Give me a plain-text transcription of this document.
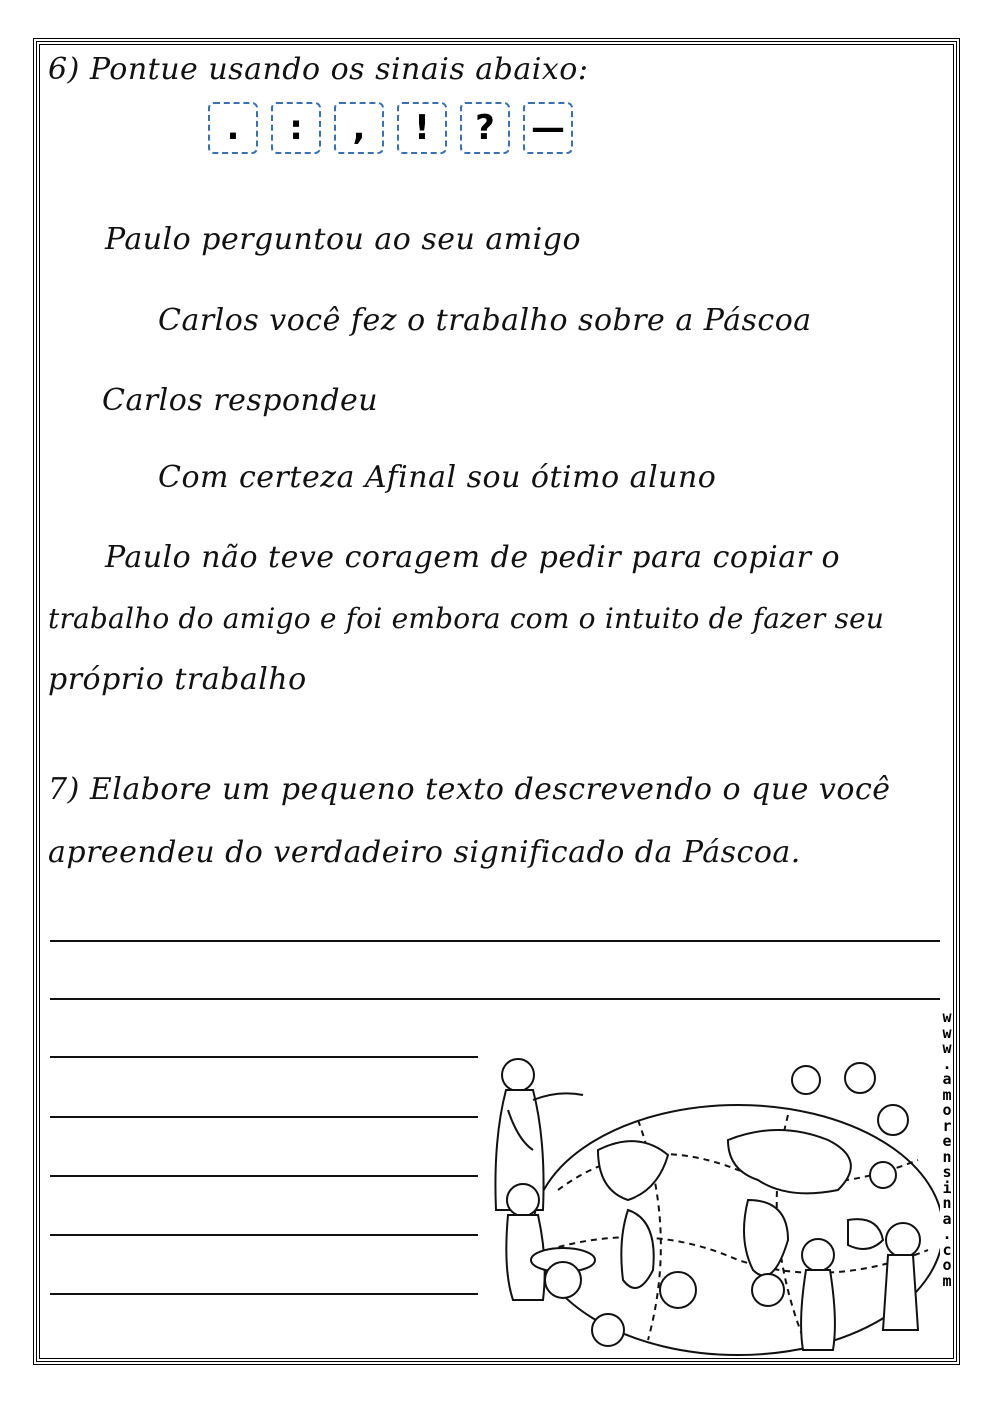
6) Pontue usando os sinais abaixo:
.	:	,	!	?	—
Paulo perguntou ao seu amigo
Carlos você fez o trabalho sobre a Páscoa
Carlos respondeu
Com certeza Afinal sou ótimo aluno
Paulo não teve coragem de pedir para copiar o
trabalho do amigo e foi embora com o intuito de fazer seu
próprio trabalho
7) Elabore um pequeno texto descrevendo o que você
apreendeu do verdadeiro significado da Páscoa.
w
w
w
.
a
m
o
r
e
n
s
i
n
a
.
c
o
m
